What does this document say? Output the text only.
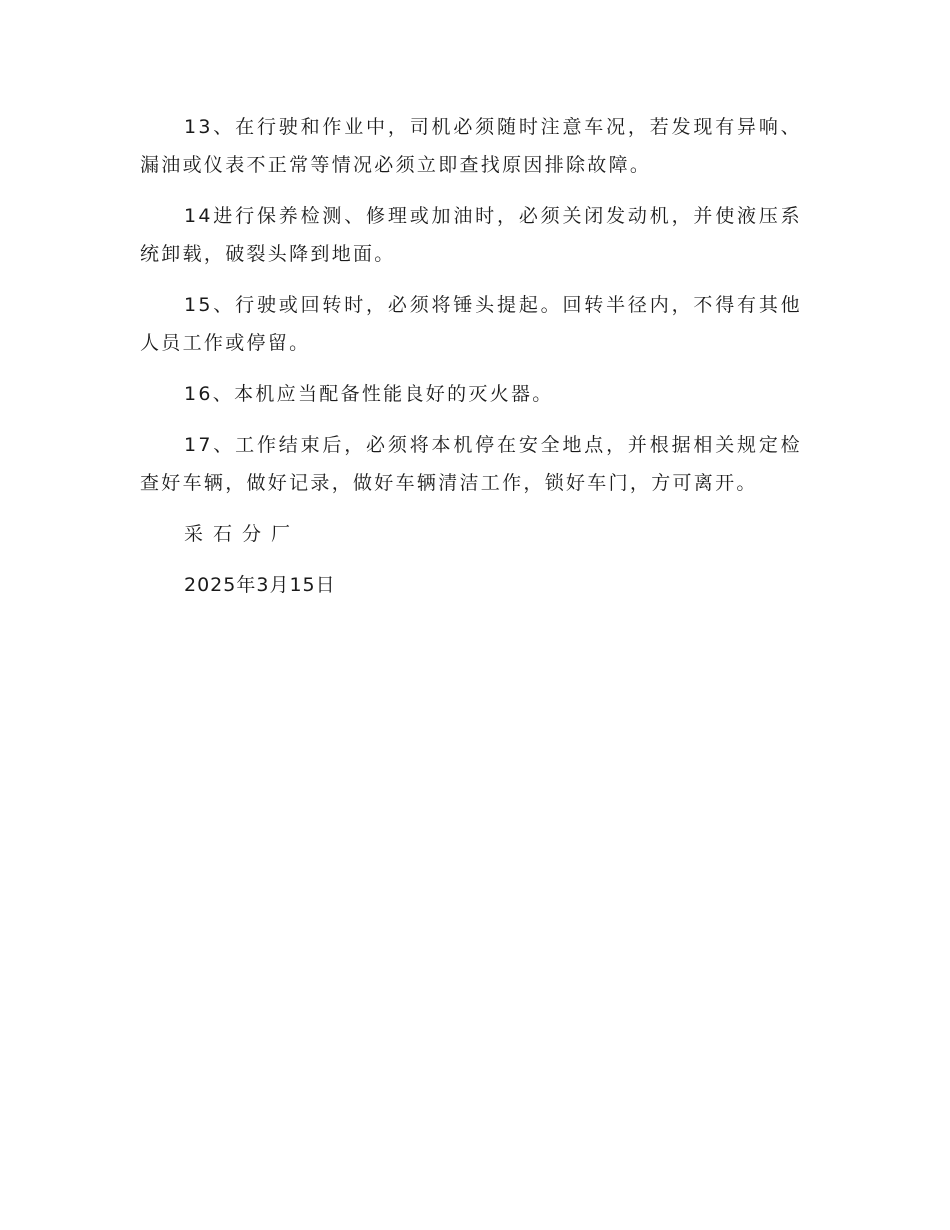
13、在行驶和作业中，司机必须随时注意车况，若发现有异响、漏油或仪表不正常等情况必须立即查找原因排除故障。

14进行保养检测、修理或加油时，必须关闭发动机，并使液压系统卸载，破裂头降到地面。

15、行驶或回转时，必须将锤头提起。回转半径内，不得有其他人员工作或停留。

16、本机应当配备性能良好的灭火器。

17、工作结束后，必须将本机停在安全地点，并根据相关规定检查好车辆，做好记录，做好车辆清洁工作，锁好车门，方可离开。

采石分厂

2025年3月15日
